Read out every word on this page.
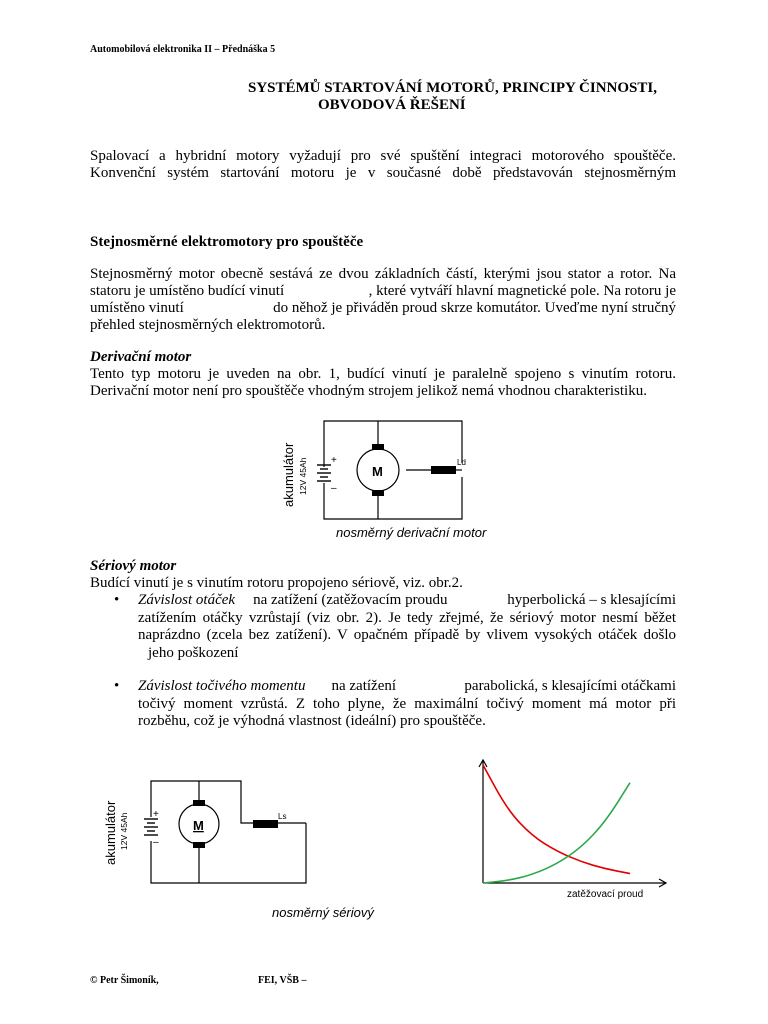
Automobilová elektronika II – Přednáška 5
SYSTÉMŮ STARTOVÁNÍ MOTORŮ, PRINCIPY ČINNOSTI,
OBVODOVÁ ŘEŠENÍ
Spalovací a hybridní motory vyžadují pro své spuštění integraci motorového spouštěče.
Konvenční systém startování motoru je v současné době představován stejnosměrným
Stejnosměrné elektromotory pro spouštěče
Stejnosměrný motor obecně sestává ze dvou základních částí, kterými jsou stator a rotor. Na
statoru je umístěno budící vinutí	, které vytváří hlavní magnetické pole. Na rotoru je
umístěno vinutí	do něhož je přiváděn proud skrze komutátor. Uveďme nyní stručný
přehled stejnosměrných elektromotorů.
Derivační motor
Tento typ motoru je uveden na obr. 1, budící vinutí je paralelně spojeno s vinutím rotoru.
Derivační motor není pro spouštěče vhodným strojem jelikož nemá vhodnou charakteristiku.
+
–
M
Ld
akumulátor 12V 45Ah
nosměrný derivační motor
Sériový motor
Budící vinutí je s vinutím rotoru propojeno sériově, viz. obr.2.
• Závislost otáček na zatížení (zatěžovacím proudu	hyperbolická – s klesajícími
zatížením otáčky vzrůstají (viz obr. 2). Je tedy zřejmé, že sériový motor nesmí běžet
naprázdno (zcela bez zatížení). V opačném případě by vlivem vysokých otáček došlo
jeho poškození
• Závislost točivého momentu na zatížení	parabolická, s klesajícími otáčkami
točivý moment vzrůstá. Z toho plyne, že maximální točivý moment má motor při
rozběhu, což je výhodná vlastnost (ideální) pro spouštěče.
+
–
M
Ls
akumulátor 12V 45Ah
nosměrný sériový
zatěžovací proud
© Petr Šimoník,	FEI, VŠB –
